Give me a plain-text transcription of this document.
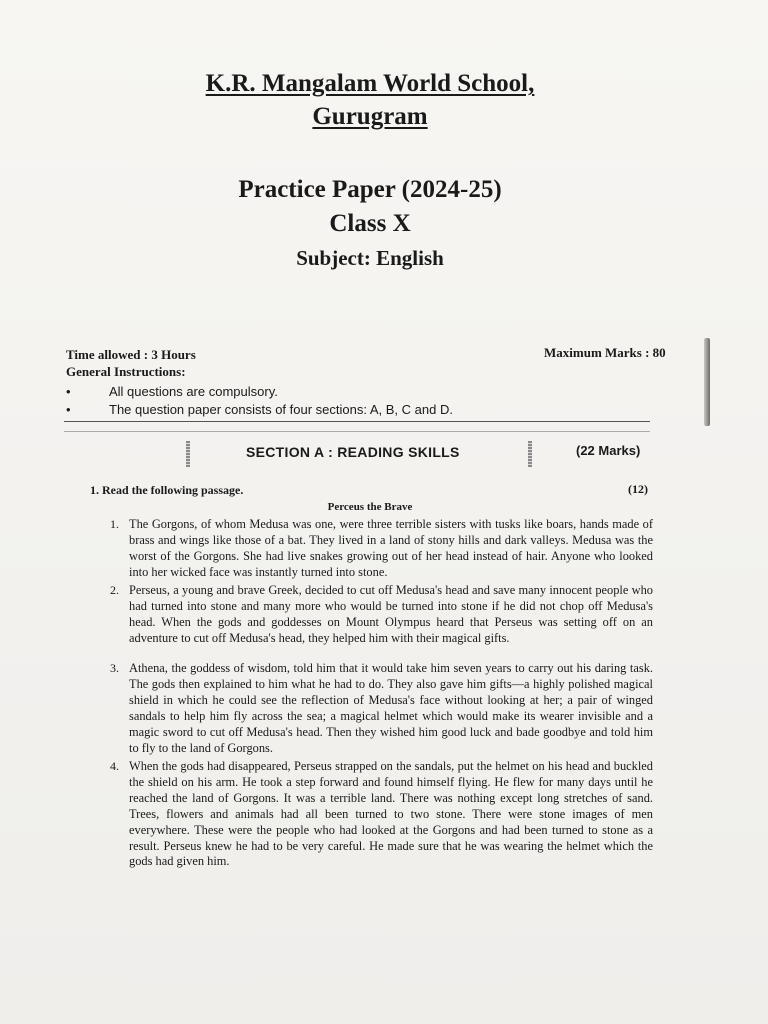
K.R. Mangalam World School,
Gurugram
Practice Paper (2024-25)
Class X
Subject: English
Time allowed : 3 Hours	Maximum Marks : 80
General Instructions:
•	All questions are compulsory.
•	The question paper consists of four sections: A, B, C and D.
SECTION A : READING SKILLS	(22 Marks)
1. Read the following passage.	(12)
Perceus the Brave
1. The Gorgons, of whom Medusa was one, were three terrible sisters with tusks like boars, hands made of brass and wings like those of a bat. They lived in a land of stony hills and dark valleys. Medusa was the worst of the Gorgons. She had live snakes growing out of her head instead of hair. Anyone who looked into her wicked face was instantly turned into stone.
2. Perseus, a young and brave Greek, decided to cut off Medusa's head and save many innocent people who had turned into stone and many more who would be turned into stone if he did not chop off Medusa's head. When the gods and goddesses on Mount Olympus heard that Perseus was setting off on an adventure to cut off Medusa's head, they helped him with their magical gifts.
3. Athena, the goddess of wisdom, told him that it would take him seven years to carry out his daring task. The gods then explained to him what he had to do. They also gave him gifts—a highly polished magical shield in which he could see the reflection of Medusa's face without looking at her; a pair of winged sandals to help him fly across the sea; a magical helmet which would make its wearer invisible and a magic sword to cut off Medusa's head. Then they wished him good luck and bade goodbye and told him to fly to the land of Gorgons.
4. When the gods had disappeared, Perseus strapped on the sandals, put the helmet on his head and buckled the shield on his arm. He took a step forward and found himself flying. He flew for many days until he reached the land of Gorgons. It was a terrible land. There was nothing except long stretches of sand. Trees, flowers and animals had all been turned to two stone. There were stone images of men everywhere. These were the people who had looked at the Gorgons and had been turned to stone as a result. Perseus knew he had to be very careful. He made sure that he was wearing the helmet which the gods had given him.
